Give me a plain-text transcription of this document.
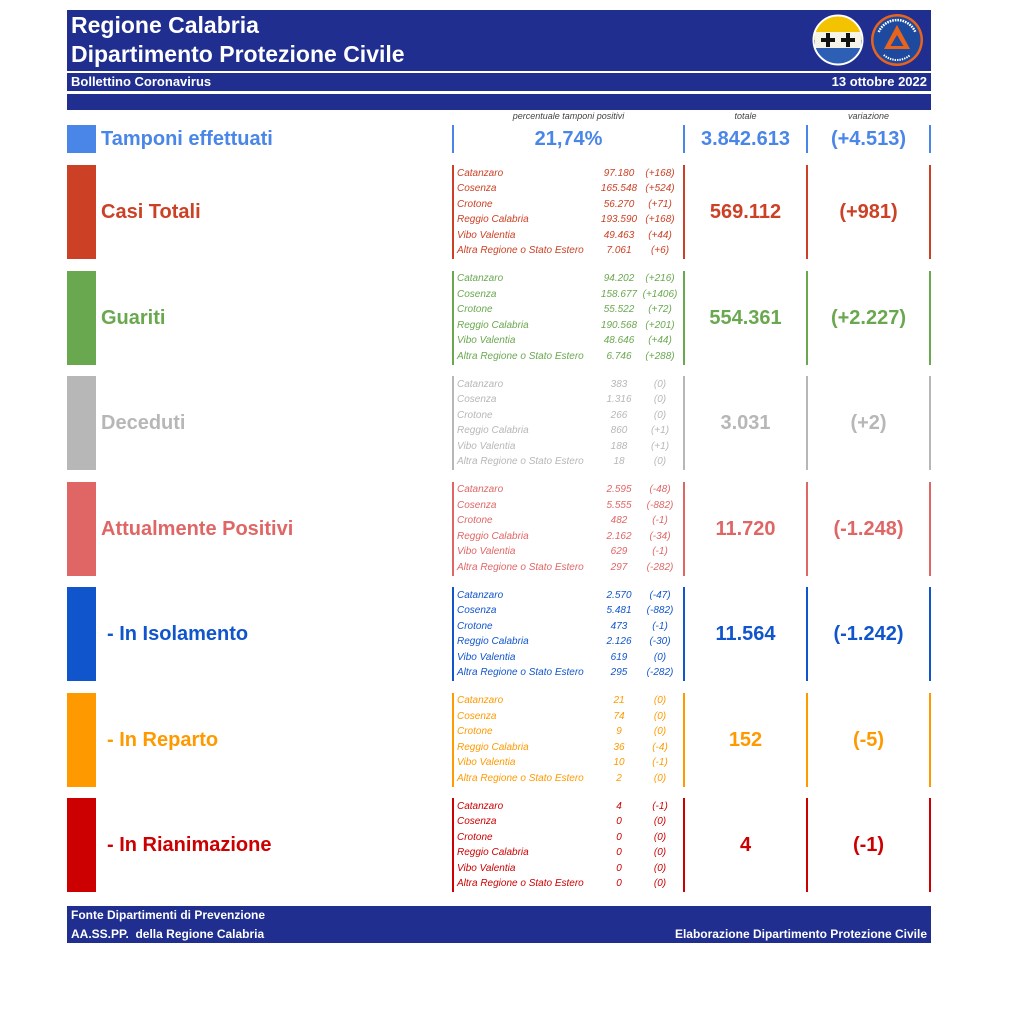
Regione Calabria
Dipartimento Protezione Civile
Bollettino Coronavirus	13 ottobre 2022
percentuale tamponi positivi	totale	variazione
Tamponi effettuati	21,74%	3.842.613	(+4.513)
Casi Totali
Catanzaro	97.180	(+168)
Cosenza	165.548 (+524)
Crotone	56.270	(+71)
Reggio Calabria	193.590 (+168)
Vibo Valentia	49.463	(+44)
Altra Regione o Stato Estero	7.061	(+6)
569.112	(+981)
Guariti
Catanzaro	94.202	(+216)
Cosenza	158.677 (+1406)
Crotone	55.522	(+72)
Reggio Calabria	190.568 (+201)
Vibo Valentia	48.646	(+44)
Altra Regione o Stato Estero	6.746	(+288)
554.361	(+2.227)
Deceduti
Catanzaro	383	(0)
Cosenza	1.316	(0)
Crotone	266	(0)
Reggio Calabria	860	(+1)
Vibo Valentia	188	(+1)
Altra Regione o Stato Estero	18	(0)
3.031	(+2)
Attualmente Positivi
Catanzaro	2.595	(-48)
Cosenza	5.555	(-882)
Crotone	482	(-1)
Reggio Calabria	2.162	(-34)
Vibo Valentia	629	(-1)
Altra Regione o Stato Estero	297	(-282)
11.720	(-1.248)
- In Isolamento
Catanzaro	2.570	(-47)
Cosenza	5.481	(-882)
Crotone	473	(-1)
Reggio Calabria	2.126	(-30)
Vibo Valentia	619	(0)
Altra Regione o Stato Estero	295	(-282)
11.564	(-1.242)
- In Reparto
Catanzaro	21	(0)
Cosenza	74	(0)
Crotone	9	(0)
Reggio Calabria	36	(-4)
Vibo Valentia	10	(-1)
Altra Regione o Stato Estero	2	(0)
152	(-5)
- In Rianimazione
Catanzaro	4	(-1)
Cosenza	0	(0)
Crotone	0	(0)
Reggio Calabria	0	(0)
Vibo Valentia	0	(0)
Altra Regione o Stato Estero	0	(0)
4	(-1)
Fonte Dipartimenti di Prevenzione
AA.SS.PP.  della Regione Calabria	Elaborazione Dipartimento Protezione Civile
